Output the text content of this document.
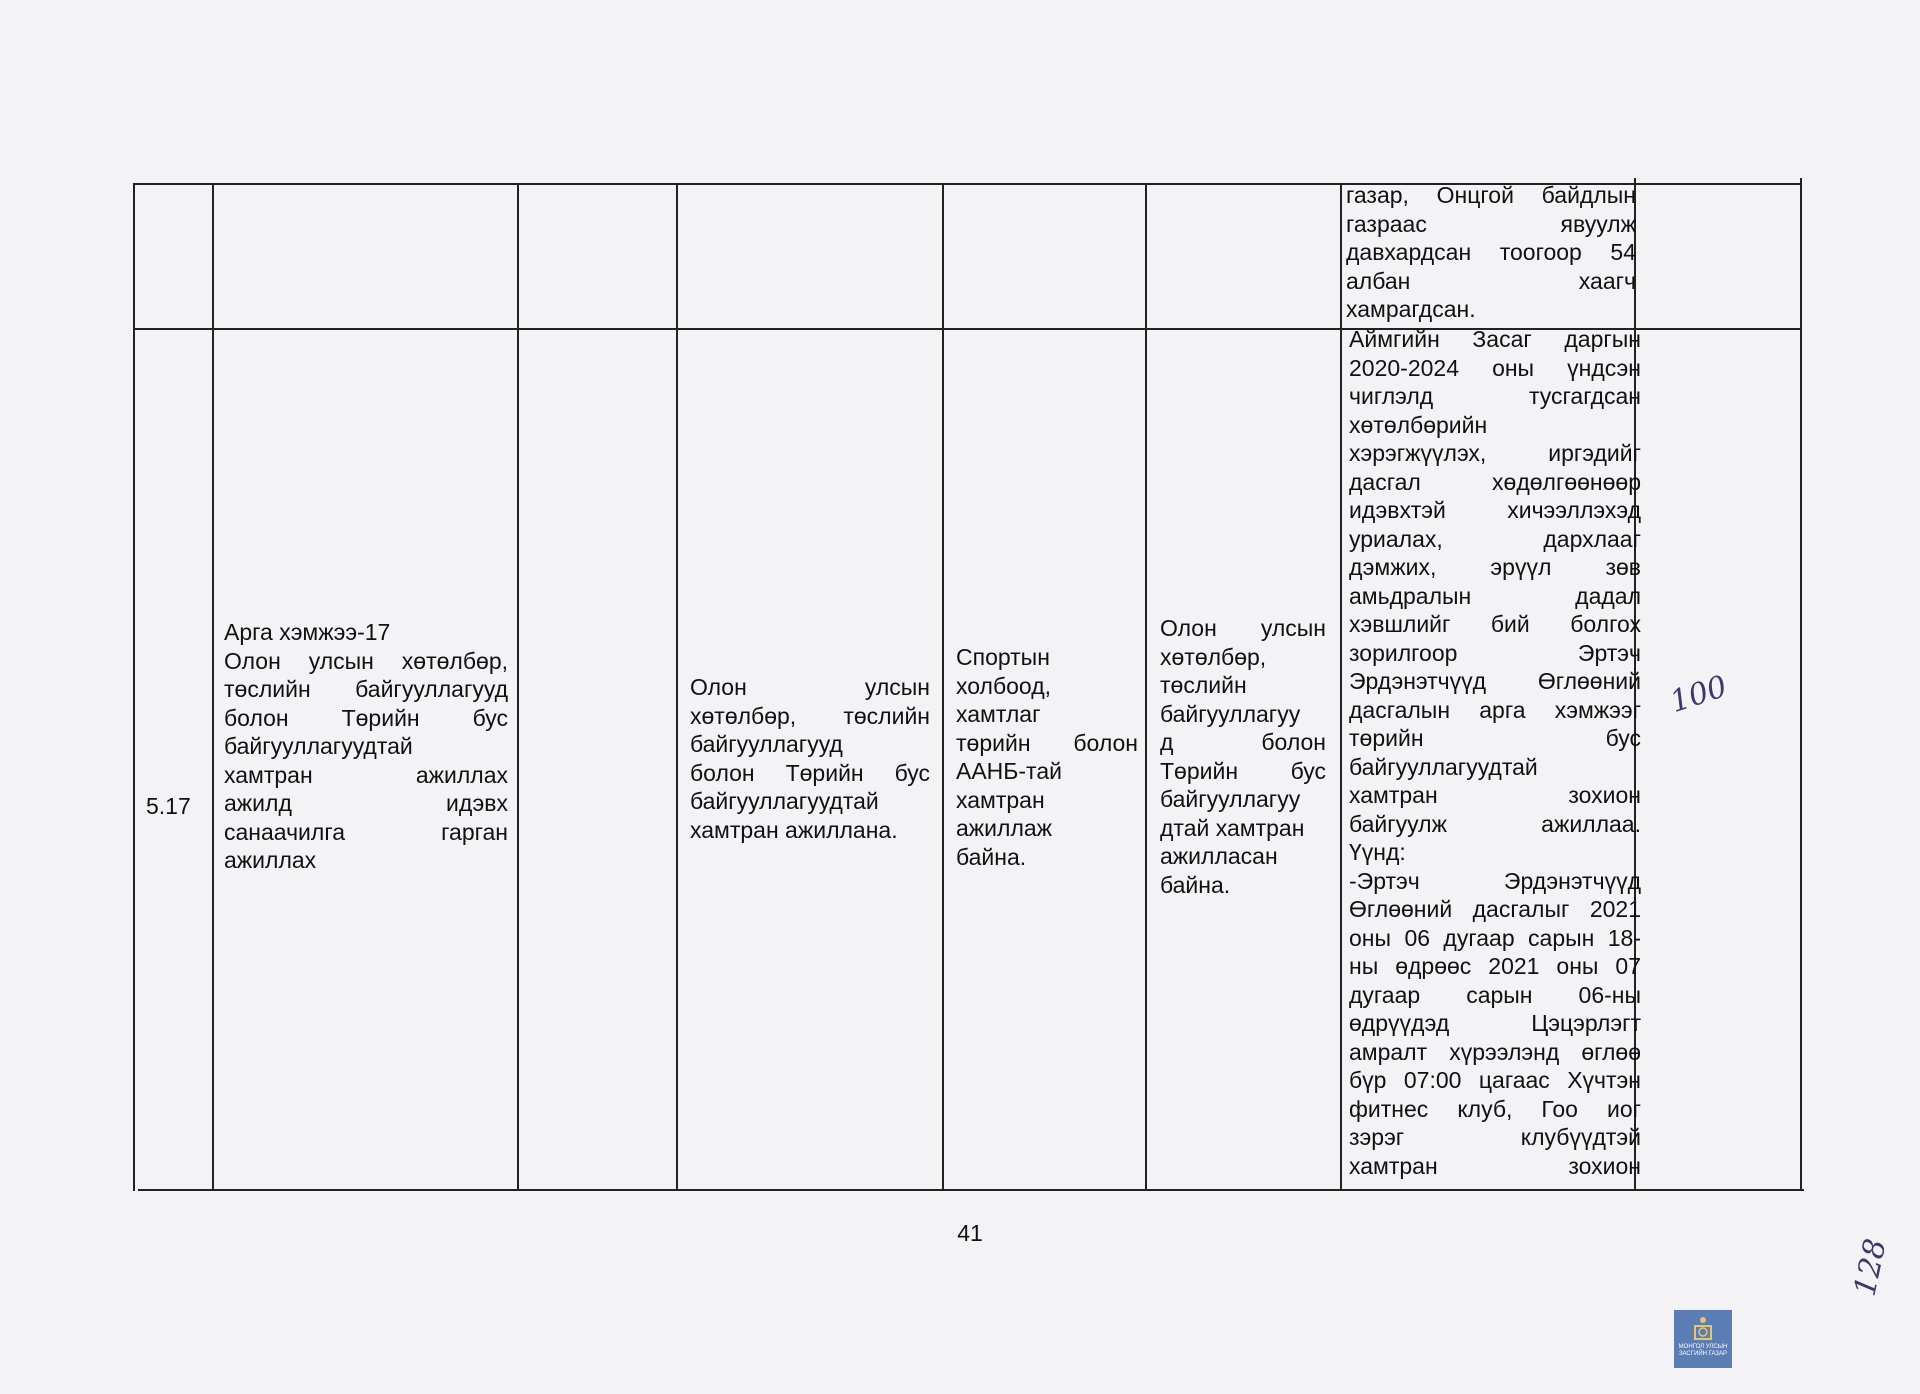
газар, Онцгой байдлын

газраас явуулж

давхардсан тоогоор 54

албан хаагч

хамрагдсан.

5.17

Арга хэмжээ-17

Олон улсын хөтөлбөр,

төслийн байгууллагууд

болон Төрийн бус

байгууллагуудтай

хамтран ажиллах

ажилд идэвх

санаачилга гарган

ажиллах

Олон улсын

хөтөлбөр, төслийн

байгууллагууд

болон Төрийн бус

байгууллагуудтай

хамтран ажиллана.

Спортын

холбоод,

хамтлаг

төрийн болон

ААНБ-тай

хамтран

ажиллаж

байна.

Олон улсын

хөтөлбөр,

төслийн

байгууллагуу

д болон

Төрийн бус

байгууллагуу

дтай хамтран

ажилласан

байна.

Аймгийн Засаг даргын

2020-2024 оны үндсэн

чиглэлд тусгагдсан

хөтөлбөрийн

хэрэгжүүлэх, иргэдийг

дасгал хөдөлгөөнөөр

идэвхтэй хичээллэхэд

уриалах, дархлааг

дэмжих, эрүүл зөв

амьдралын дадал

хэвшлийг бий болгох

зорилгоор Эртэч

Эрдэнэтчүүд Өглөөний

дасгалын арга хэмжээг

төрийн бус

байгууллагуудтай

хамтран зохион

байгуулж ажиллаа.

Үүнд:

-Эртэч Эрдэнэтчүүд

Өглөөний дасгалыг 2021

оны 06 дугаар сарын 18-

ны өдрөөс 2021 оны 07

дугаар сарын 06-ны

өдрүүдэд Цэцэрлэгт

амралт хүрээлэнд өглөө

бүр 07:00 цагаас Хүчтэн

фитнес клуб, Гоо иог

зэрэг клубүүдтэй

хамтран зохион

100
41
128
МОНГОЛ УЛСЫН
ЗАСГИЙН ГАЗАР
